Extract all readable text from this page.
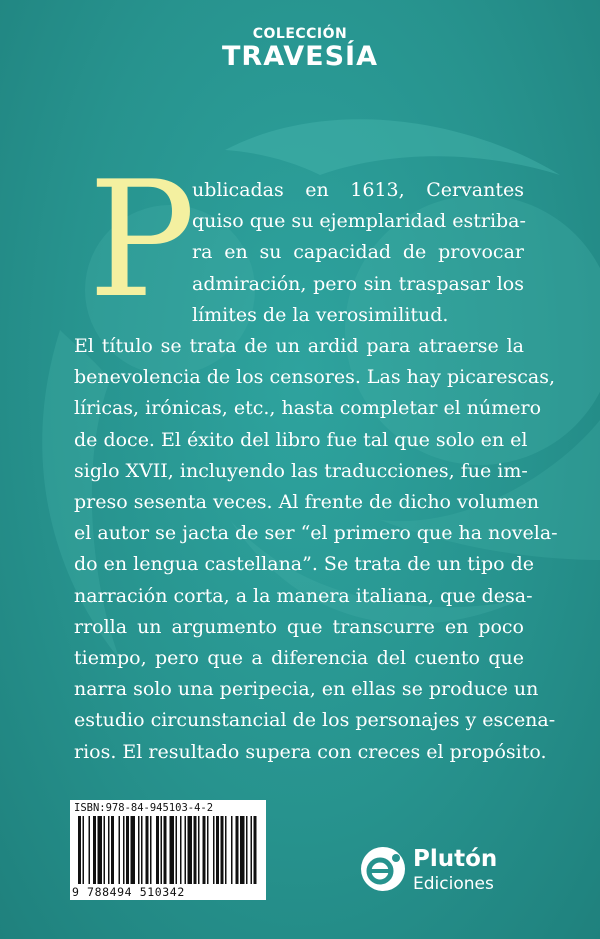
COLECCIÓN
TRAVESÍA
P
ublicadas en 1613, Cervantes
quiso que su ejemplaridad estriba-
ra en su capacidad de provocar
admiración, pero sin traspasar los
límites de la verosimilitud.
El título se trata de un ardid para atraerse la
benevolencia de los censores. Las hay picarescas,
líricas, irónicas, etc., hasta completar el número
de doce. El éxito del libro fue tal que solo en el
siglo XVII, incluyendo las traducciones, fue im-
preso sesenta veces. Al frente de dicho volumen
el autor se jacta de ser “el primero que ha novela-
do en lengua castellana”. Se trata de un tipo de
narración corta, a la manera italiana, que desa-
rrolla un argumento que transcurre en poco
tiempo, pero que a diferencia del cuento que
narra solo una peripecia, en ellas se produce un
estudio circunstancial de los personajes y escena-
rios. El resultado supera con creces el propósito.
ISBN:978-84-945103-4-2
9 788494 510342
Plutón
Ediciones
